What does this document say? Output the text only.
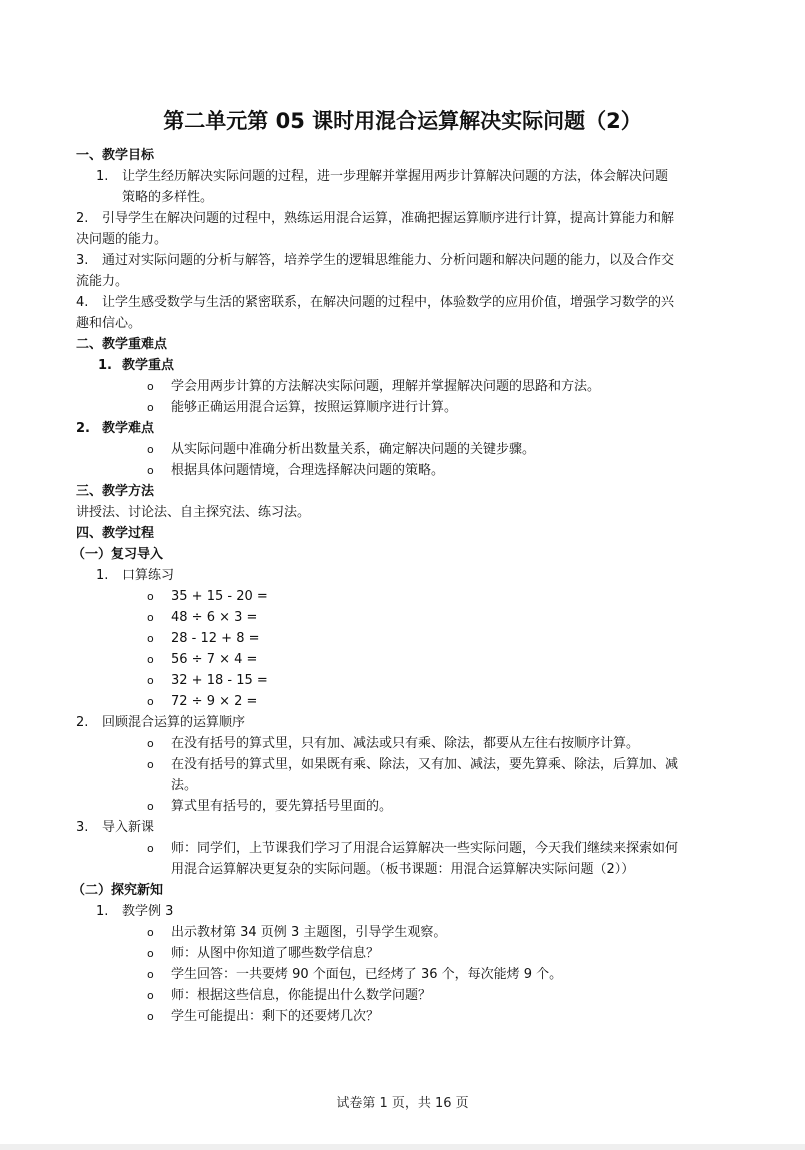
第二单元第 05 课时用混合运算解决实际问题（2）
一、教学目标
1. 让学生经历解决实际问题的过程，进一步理解并掌握用两步计算解决问题的方法，体会解决问题
策略的多样性。
2. 引导学生在解决问题的过程中，熟练运用混合运算，准确把握运算顺序进行计算，提高计算能力和解
决问题的能力。
3. 通过对实际问题的分析与解答，培养学生的逻辑思维能力、分析问题和解决问题的能力，以及合作交
流能力。
4. 让学生感受数学与生活的紧密联系，在解决问题的过程中，体验数学的应用价值，增强学习数学的兴
趣和信心。
二、教学重难点
1. 教学重点
o 学会用两步计算的方法解决实际问题，理解并掌握解决问题的思路和方法。
o 能够正确运用混合运算，按照运算顺序进行计算。
2. 教学难点
o 从实际问题中准确分析出数量关系，确定解决问题的关键步骤。
o 根据具体问题情境，合理选择解决问题的策略。
三、教学方法
讲授法、讨论法、自主探究法、练习法。
四、教学过程
（一）复习导入
1. 口算练习
o 35 + 15 - 20 =
o 48 ÷ 6 × 3 =
o 28 - 12 + 8 =
o 56 ÷ 7 × 4 =
o 32 + 18 - 15 =
o 72 ÷ 9 × 2 =
2. 回顾混合运算的运算顺序
o 在没有括号的算式里，只有加、减法或只有乘、除法，都要从左往右按顺序计算。
o 在没有括号的算式里，如果既有乘、除法，又有加、减法，要先算乘、除法，后算加、减
法。
o 算式里有括号的，要先算括号里面的。
3. 导入新课
o 师：同学们，上节课我们学习了用混合运算解决一些实际问题，今天我们继续来探索如何
用混合运算解决更复杂的实际问题。（板书课题：用混合运算解决实际问题（2））
（二）探究新知
1. 教学例 3
o 出示教材第 34 页例 3 主题图，引导学生观察。
o 师：从图中你知道了哪些数学信息？
o 学生回答：一共要烤 90 个面包，已经烤了 36 个，每次能烤 9 个。
o 师：根据这些信息，你能提出什么数学问题？
o 学生可能提出：剩下的还要烤几次？
试卷第 1 页，共 16 页
